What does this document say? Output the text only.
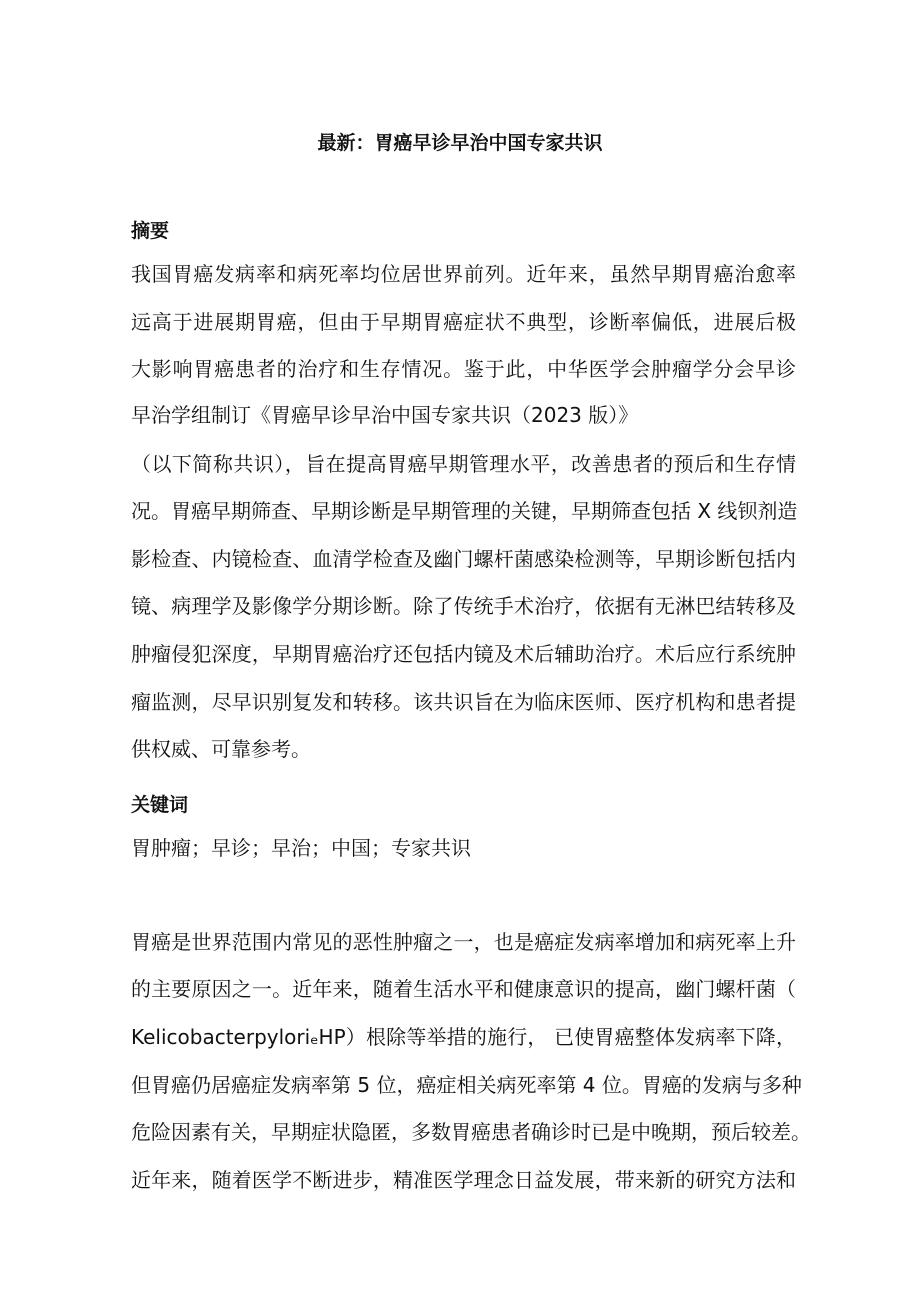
最新：胃癌早诊早治中国专家共识
摘要
我国胃癌发病率和病死率均位居世界前列。近年来，虽然早期胃癌治愈率
远高于进展期胃癌，但由于早期胃癌症状不典型，诊断率偏低，进展后极
大影响胃癌患者的治疗和生存情况。鉴于此，中华医学会肿瘤学分会早诊
早治学组制订《胃癌早诊早治中国专家共识（2023 版）》
（以下简称共识），旨在提高胃癌早期管理水平，改善患者的预后和生存情
况。胃癌早期筛查、早期诊断是早期管理的关键，早期筛查包括 X 线钡剂造
影检查、内镜检查、血清学检查及幽门螺杆菌感染检测等，早期诊断包括内
镜、病理学及影像学分期诊断。除了传统手术治疗，依据有无淋巴结转移及
肿瘤侵犯深度，早期胃癌治疗还包括内镜及术后辅助治疗。术后应行系统肿
瘤监测，尽早识别复发和转移。该共识旨在为临床医师、医疗机构和患者提
供权威、可靠参考。
关键词
胃肿瘤；早诊；早治；中国；专家共识
胃癌是世界范围内常见的恶性肿瘤之一，也是癌症发病率增加和病死率上升
的主要原因之一。近年来，随着生活水平和健康意识的提高，幽门螺杆菌（
KelicobacterpyloriₑHP）根除等举措的施行， 已使胃癌整体发病率下降，
但胃癌仍居癌症发病率第 5 位，癌症相关病死率第 4 位。胃癌的发病与多种
危险因素有关，早期症状隐匿，多数胃癌患者确诊时已是中晚期，预后较差。
近年来，随着医学不断进步，精准医学理念日益发展，带来新的研究方法和
